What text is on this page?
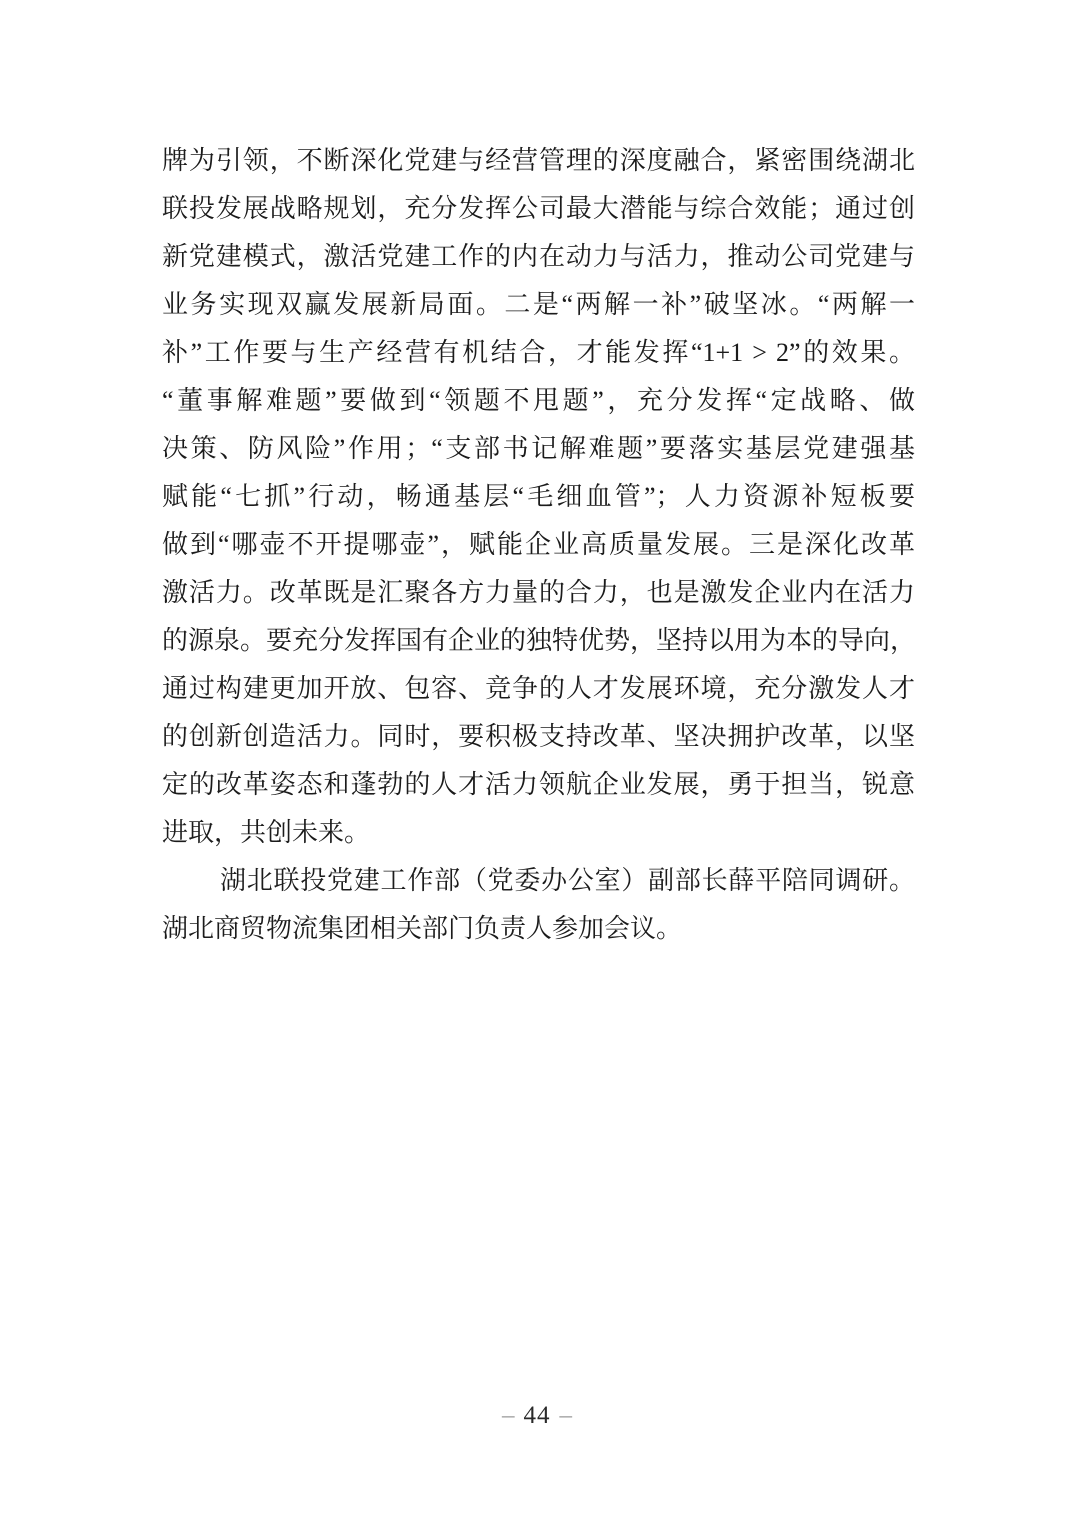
牌为引领，不断深化党建与经营管理的深度融合，紧密围绕湖北
联投发展战略规划，充分发挥公司最大潜能与综合效能；通过创
新党建模式，激活党建工作的内在动力与活力，推动公司党建与
业务实现双赢发展新局面。二是“两解一补”破坚冰。“两解一
补”工作要与生产经营有机结合，才能发挥“1+1 > 2”的效果。
“董事解难题”要做到“领题不甩题”，充分发挥“定战略、做
决策、防风险”作用；“支部书记解难题”要落实基层党建强基
赋能“七抓”行动，畅通基层“毛细血管”；人力资源补短板要
做到“哪壶不开提哪壶”，赋能企业高质量发展。三是深化改革
激活力。改革既是汇聚各方力量的合力，也是激发企业内在活力
的源泉。要充分发挥国有企业的独特优势，坚持以用为本的导向，
通过构建更加开放、包容、竞争的人才发展环境，充分激发人才
的创新创造活力。同时，要积极支持改革、坚决拥护改革，以坚
定的改革姿态和蓬勃的人才活力领航企业发展，勇于担当，锐意
进取，共创未来。
湖北联投党建工作部（党委办公室）副部长薛平陪同调研。
湖北商贸物流集团相关部门负责人参加会议。
– 44 –
